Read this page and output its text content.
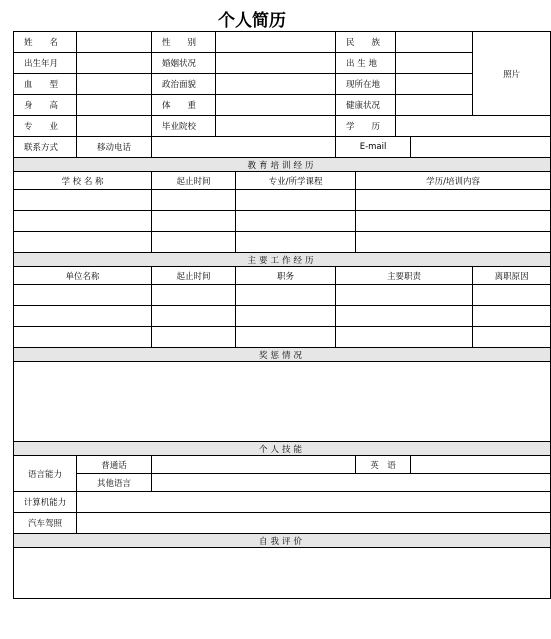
个人简历
姓　　名		性　　别			民　　族				照片
出生年月		婚姻状况			出 生 地				
血　　型		政治面貌			现所在地				
身　　高		体　　重			健康状况				
专　　业		毕业院校			学　　历				
联系方式	移动电话				E-mail				
教育培训经历									
学 校 名 称		起止时间		专业/所学课程		学历/培训内容			

主要工作经历									
单位名称		起止时间		职务	主要职责				离职原因

奖惩情况									

个人技能									
语言能力	普通话					英　语			
	其他语言								
计算机能力									
汽车驾照									
自我评价									
